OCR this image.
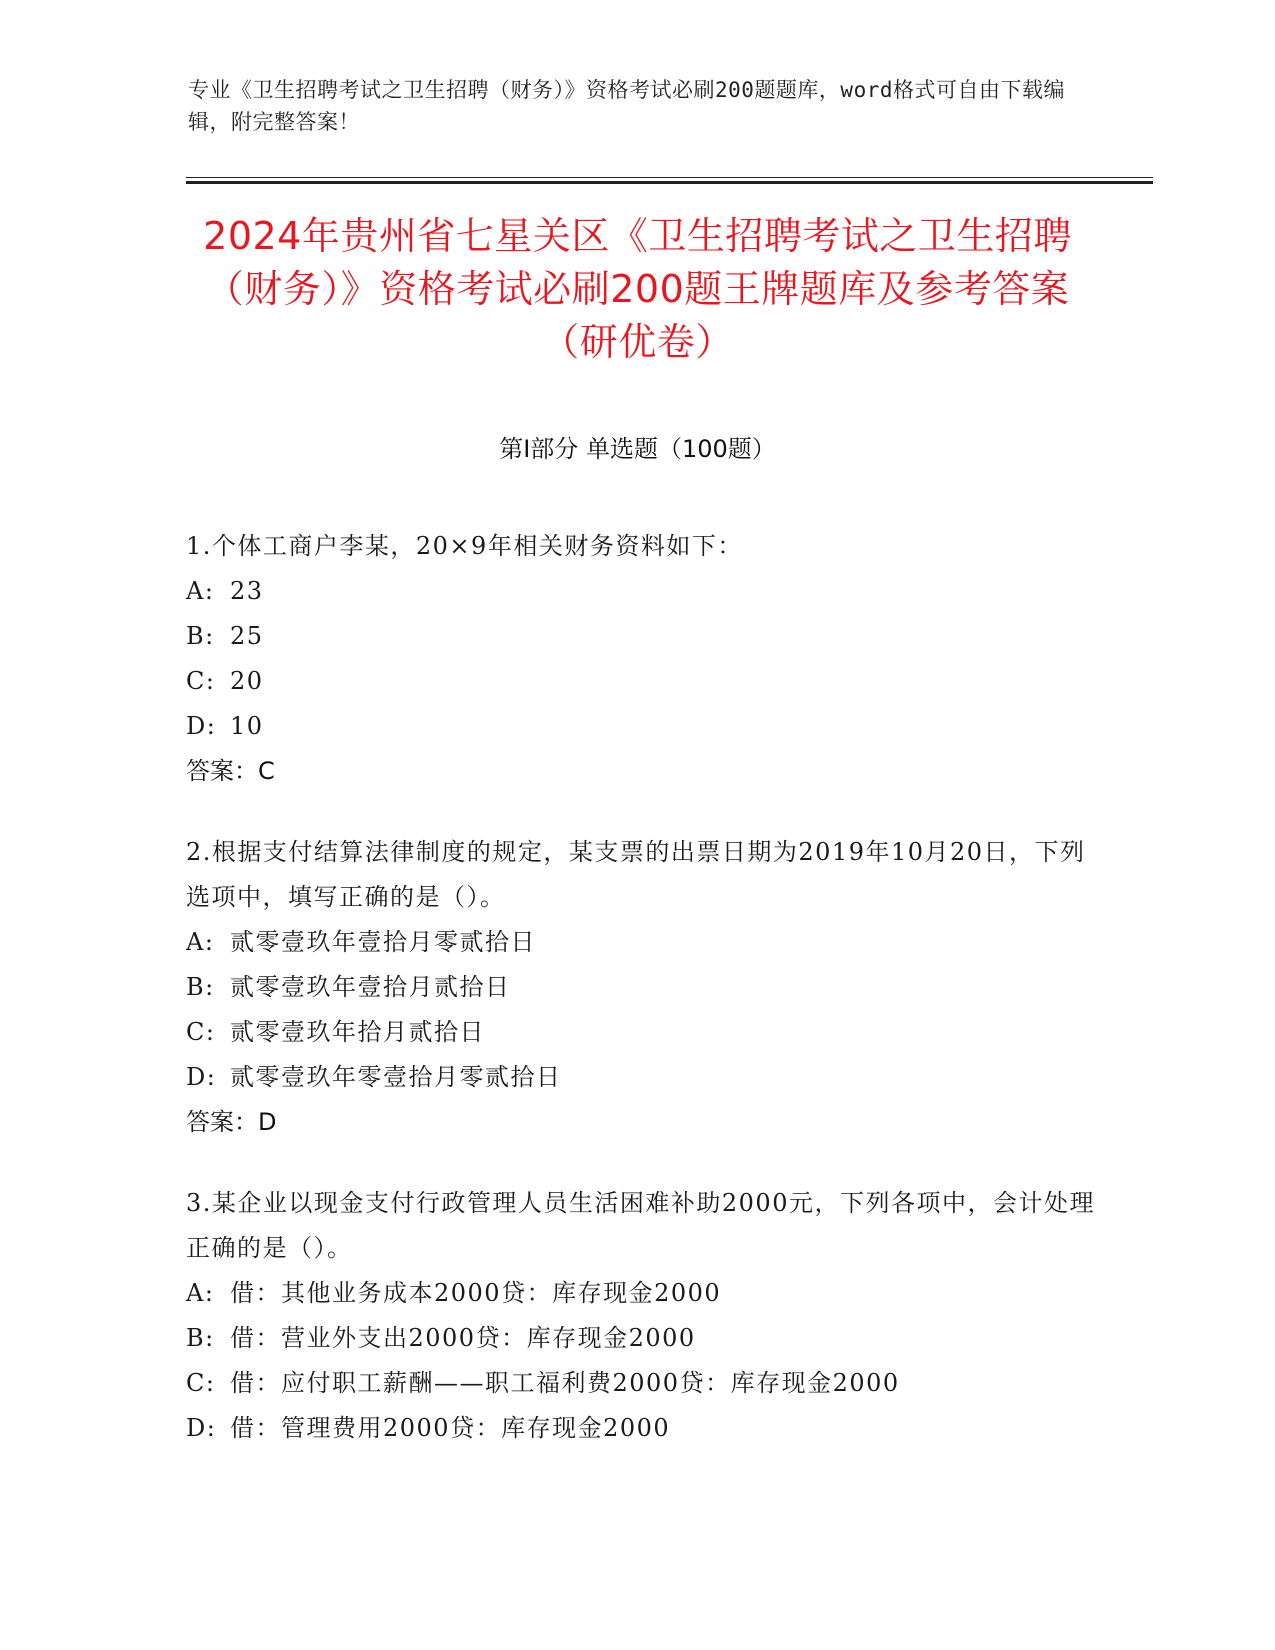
专业《卫生招聘考试之卫生招聘（财务）》资格考试必刷200题题库，word格式可自由下载编辑，附完整答案！
2024年贵州省七星关区《卫生招聘考试之卫生招聘（财务）》资格考试必刷200题王牌题库及参考答案（研优卷）
第Ⅰ部分 单选题（100题）

1.个体工商户李某，20×9年相关财务资料如下：

A: 23

B: 25

C: 20

D: 10

答案：C

2.根据支付结算法律制度的规定，某支票的出票日期为2019年10月20日，下列选项中，填写正确的是（）。

A: 贰零壹玖年壹拾月零贰拾日

B: 贰零壹玖年壹拾月贰拾日

C: 贰零壹玖年拾月贰拾日

D: 贰零壹玖年零壹拾月零贰拾日

答案：D

3.某企业以现金支付行政管理人员生活困难补助2000元，下列各项中，会计处理正确的是（）。

A: 借：其他业务成本2000贷：库存现金2000

B: 借：营业外支出2000贷：库存现金2000

C: 借：应付职工薪酬——职工福利费2000贷：库存现金2000

D: 借：管理费用2000贷：库存现金2000
